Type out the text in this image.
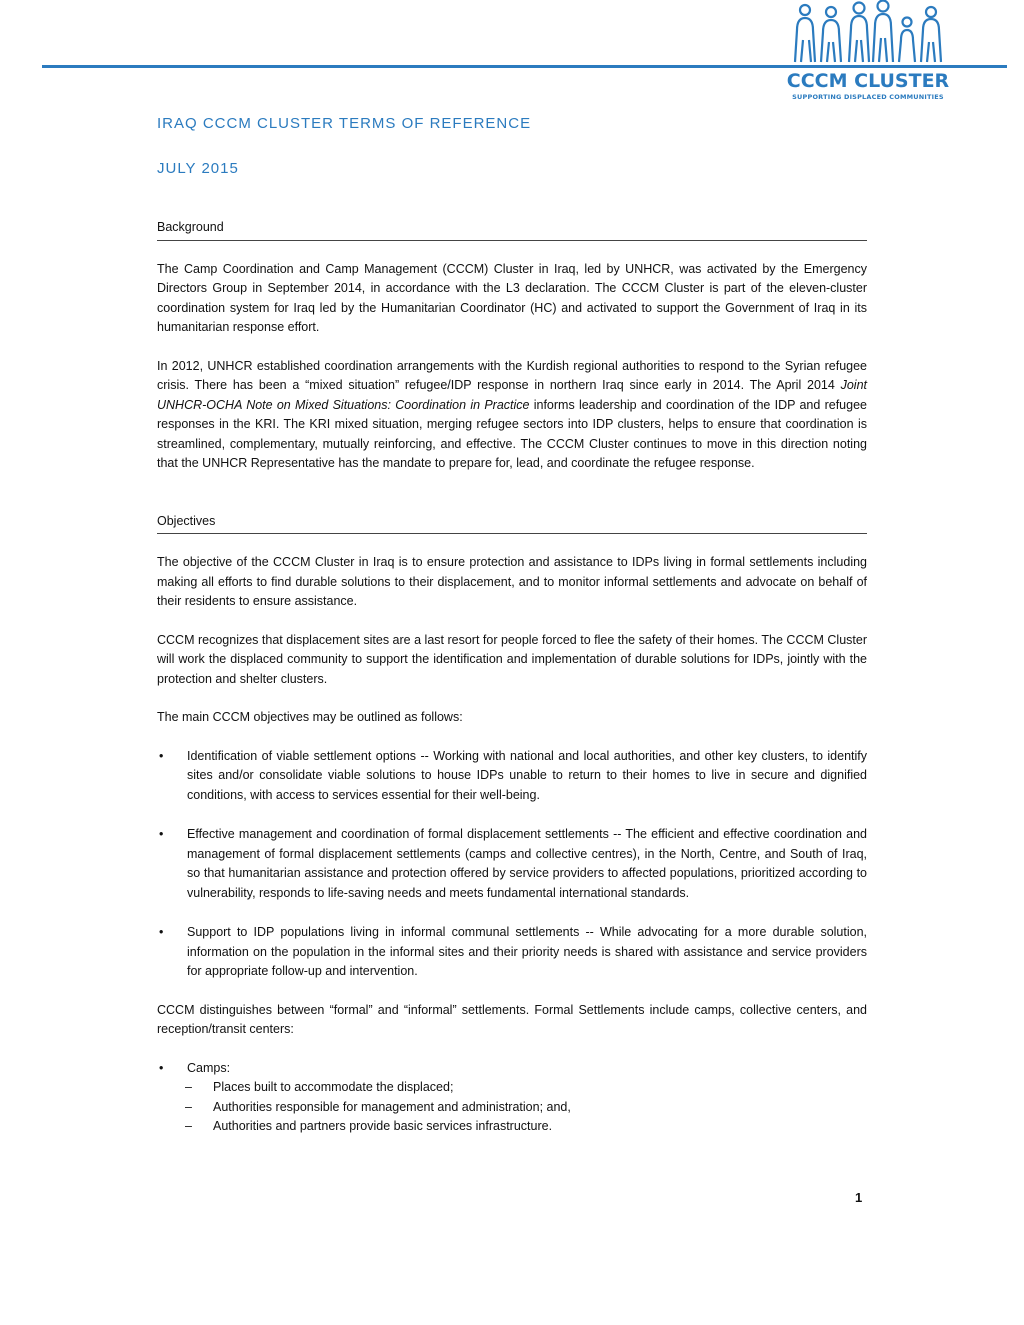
CCCM CLUSTER
SUPPORTING DISPLACED COMMUNITIES
IRAQ CCCM CLUSTER TERMS OF REFERENCE
JULY 2015
Background

The Camp Coordination and Camp Management (CCCM) Cluster in Iraq, led by UNHCR, was activated by the Emergency Directors Group in September 2014, in accordance with the L3 declaration. The CCCM Cluster is part of the eleven-cluster coordination system for Iraq led by the Humanitarian Coordinator (HC) and activated to support the Government of Iraq in its humanitarian response effort.

In 2012, UNHCR established coordination arrangements with the Kurdish regional authorities to respond to the Syrian refugee crisis. There has been a “mixed situation” refugee/IDP response in northern Iraq since early in 2014. The April 2014 Joint UNHCR-OCHA Note on Mixed Situations: Coordination in Practice informs leadership and coordination of the IDP and refugee responses in the KRI. The KRI mixed situation, merging refugee sectors into IDP clusters, helps to ensure that coordination is streamlined, complementary, mutually reinforcing, and effective. The CCCM Cluster continues to move in this direction noting that the UNHCR Representative has the mandate to prepare for, lead, and coordinate the refugee response.

Objectives

The objective of the CCCM Cluster in Iraq is to ensure protection and assistance to IDPs living in formal settlements including making all efforts to find durable solutions to their displacement, and to monitor informal settlements and advocate on behalf of their residents to ensure assistance.

CCCM recognizes that displacement sites are a last resort for people forced to flee the safety of their homes. The CCCM Cluster will work the displaced community to support the identification and implementation of durable solutions for IDPs, jointly with the protection and shelter clusters.

The main CCCM objectives may be outlined as follows:

•	Identification of viable settlement options -- Working with national and local authorities, and other key clusters, to identify sites and/or consolidate viable solutions to house IDPs unable to return to their homes to live in secure and dignified conditions, with access to services essential for their well-being.
•	Effective management and coordination of formal displacement settlements -- The efficient and effective coordination and management of formal displacement settlements (camps and collective centres), in the North, Centre, and South of Iraq, so that humanitarian assistance and protection offered by service providers to affected populations, prioritized according to vulnerability, responds to life-saving needs and meets fundamental international standards.
•	Support to IDP populations living in informal communal settlements -- While advocating for a more durable solution, information on the population in the informal sites and their priority needs is shared with assistance and service providers for appropriate follow-up and intervention.

CCCM distinguishes between “formal” and “informal” settlements. Formal Settlements include camps, collective centers, and reception/transit centers:

•	Camps:
–	Places built to accommodate the displaced;
–	Authorities responsible for management and administration; and,
–	Authorities and partners provide basic services infrastructure.
1
